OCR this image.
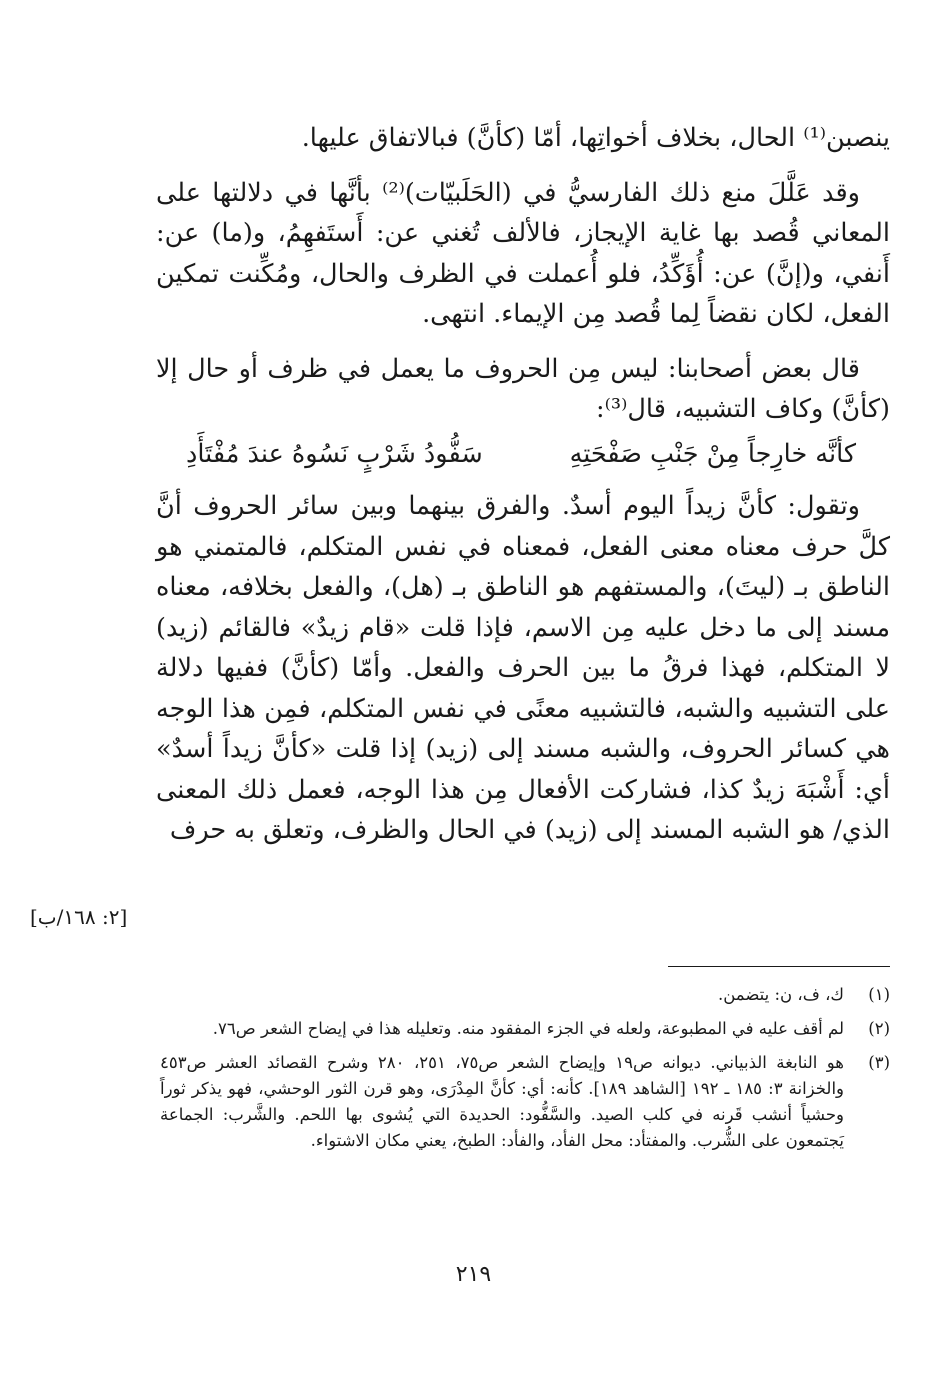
ينصبن⁽¹⁾ الحال، بخلاف أخواتِها، أمّا (كأنَّ) فبالاتفاق عليها.

وقد عَلَّلَ منع ذلك الفارسيُّ في (الحَلَبيّات)⁽²⁾ بأنَّها في دلالتها على المعاني قُصد بها غاية الإيجاز، فالألف تُغني عن: أَستَفهِمُ، و(ما) عن: أَنفي، و(إنَّ) عن: أُؤَكِّدُ، فلو أُعملت في الظرف والحال، ومُكِّنت تمكين الفعل، لكان نقضاً لِما قُصد مِن الإيماء. انتهى.

قال بعض أصحابنا: ليس مِن الحروف ما يعمل في ظرف أو حال إلا (كأنَّ) وكاف التشبيه، قال⁽³⁾:

كأنَّه خارِجاً مِنْ جَنْبِ صَفْحَتِهِ
سَفُّودُ شَرْبٍ نَسُوهُ عندَ مُفْتَأَدِ

وتقول: كأنَّ زيداً اليوم أسدٌ. والفرق بينهما وبين سائر الحروف أنَّ كلَّ حرف معناه معنى الفعل، فمعناه في نفس المتكلم، فالمتمني هو الناطق بـ (ليتَ)، والمستفهم هو الناطق بـ (هل)، والفعل بخلافه، معناه مسند إلى ما دخل عليه مِن الاسم، فإذا قلت «قام زيدٌ» فالقائم (زيد) لا المتكلم، فهذا فرقُ ما بين الحرف والفعل. وأمّا (كأنَّ) ففيها دلالة على التشبيه والشبه، فالتشبيه معنًى في نفس المتكلم، فمِن هذا الوجه هي كسائر الحروف، والشبه مسند إلى (زيد) إذا قلت «كأنَّ زيداً أسدٌ» أي: أَشْبَهَ زيدٌ كذا، فشاركت الأفعال مِن هذا الوجه، فعمل ذلك المعنى الذي/ هو الشبه المسند إلى (زيد) في الحال والظرف، وتعلق به حرف

[٢: ١٦٨/ب]
(١)
ك، ف، ن: يتضمن.
(٢)
لم أقف عليه في المطبوعة، ولعله في الجزء المفقود منه. وتعليله هذا في إيضاح الشعر ص٧٦.
(٣)
هو النابغة الذبياني. ديوانه ص١٩ وإيضاح الشعر ص٧٥، ٢٥١، ٢٨٠ وشرح القصائد العشر ص٤٥٣ والخزانة ٣: ١٨٥ ـ ١٩٢ [الشاهد ١٨٩]. كأنه: أي: كأنَّ المِدْرَى، وهو قرن الثور الوحشي، فهو يذكر ثوراً وحشياً أنشب قَرنه في كلب الصيد. والسَّفُّود: الحديدة التي يُشوى بها اللحم. والشَّرب: الجماعة يَجتمعون على الشُّرب. والمفتأد: محل الفأد، والفأد: الطبخ، يعني مكان الاشتواء.
٢١٩
